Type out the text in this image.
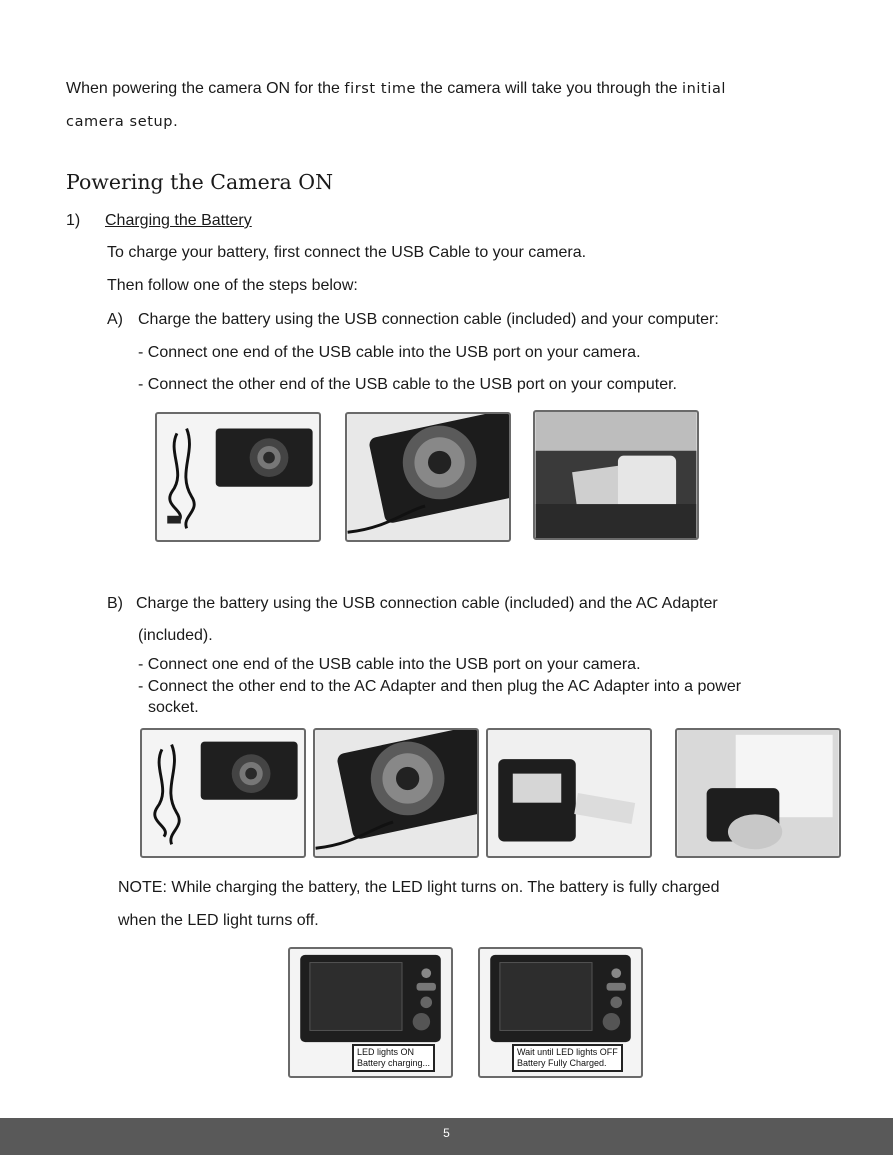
When powering the camera ON for the first time the camera will take you through the initial
camera setup.
Powering the Camera ON
1) Charging the Battery
To charge your battery, first connect the USB Cable to your camera.
Then follow one of the steps below:
A) Charge the battery using the USB connection cable (included) and your computer:
- Connect one end of the USB cable into the USB port on your camera.
- Connect the other end of the USB cable to the USB port on your computer.
B) Charge the battery using the USB connection cable (included) and the AC Adapter
(included).
- Connect one end of the USB cable into the USB port on your camera.
- Connect the other end to the AC Adapter and then plug the AC Adapter into a power
socket.
NOTE: While charging the battery, the LED light turns on. The battery is fully charged
when the LED light turns off.
LED lights ON
Battery charging...
Wait until LED lights OFF
Battery Fully Charged.
5
